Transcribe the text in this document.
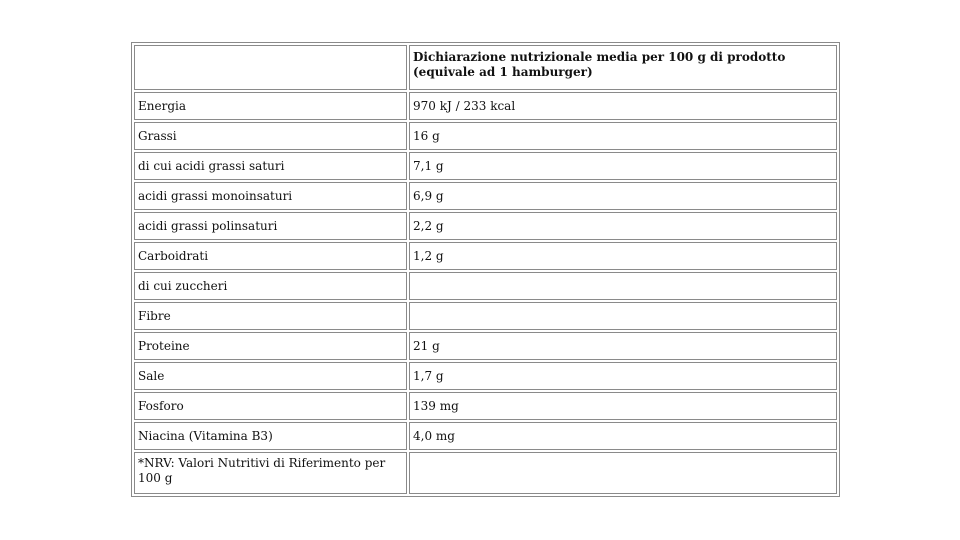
	Dichiarazione nutrizionale media per 100 g di prodotto (equivale ad 1 hamburger)
Energia	970 kJ / 233 kcal
Grassi	16 g
di cui acidi grassi saturi	7,1 g
acidi grassi monoinsaturi	6,9 g
acidi grassi polinsaturi	2,2 g
Carboidrati	1,2 g
di cui zuccheri	
Fibre	
Proteine	21 g
Sale	1,7 g
Fosforo	139 mg
Niacina (Vitamina B3)	4,0 mg
*NRV: Valori Nutritivi di Riferimento per 100 g	
